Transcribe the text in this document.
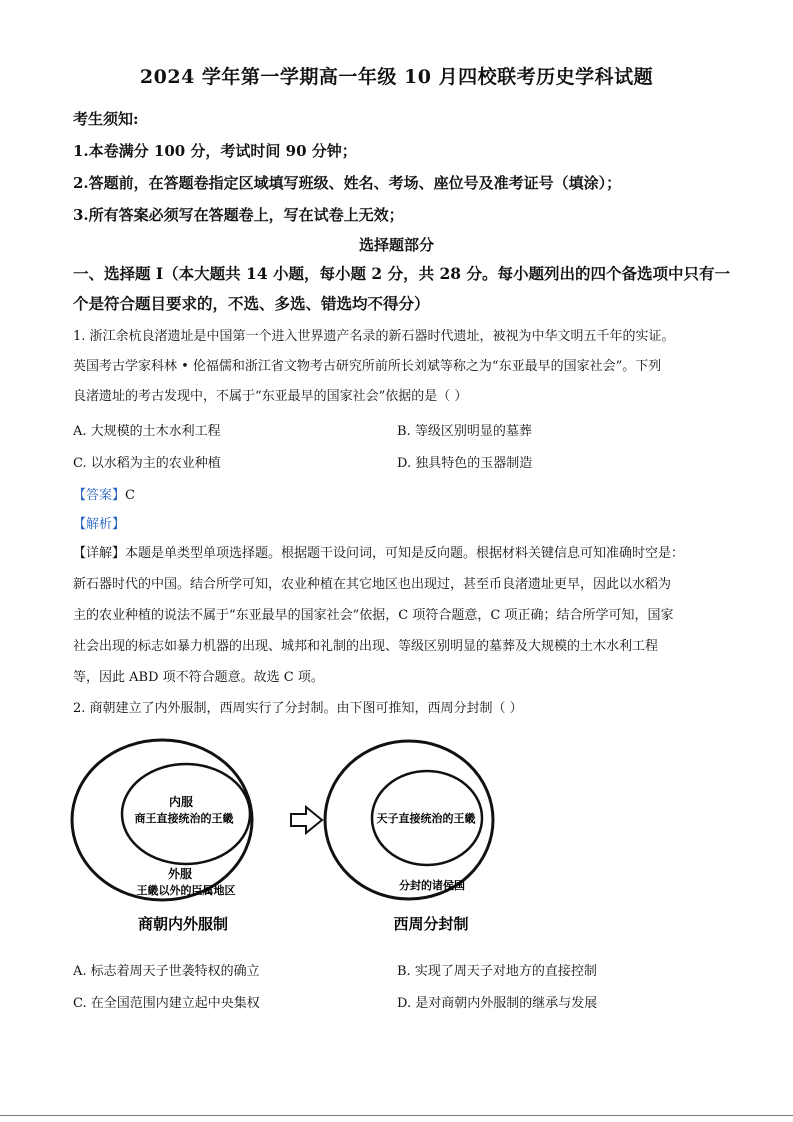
2024 学年第一学期高一年级 10 月四校联考历史学科试题
考生须知:
1.本卷满分 100 分，考试时间 90 分钟；
2.答题前，在答题卷指定区域填写班级、姓名、考场、座位号及准考证号（填涂）；
3.所有答案必须写在答题卷上，写在试卷上无效；
选择题部分
一、选择题 I（本大题共 14 小题，每小题 2 分，共 28 分。每小题列出的四个备选项中只有一
个是符合题目要求的，不选、多选、错选均不得分）
1. 浙江余杭良渚遗址是中国第一个进入世界遗产名录的新石器时代遗址，被视为中华文明五千年的实证。
英国考古学家科林 • 伦福儒和浙江省文物考古研究所前所长刘斌等称之为“东亚最早的国家社会”。下列
良渚遗址的考古发现中，不属于“东亚最早的国家社会”依据的是（ ）
A. 大规模的土木水利工程	B. 等级区别明显的墓葬
C. 以水稻为主的农业种植	D. 独具特色的玉器制造
【答案】C
【解析】
【详解】本题是单类型单项选择题。根据题干设问词，可知是反向题。根据材料关键信息可知准确时空是：
新石器时代的中国。结合所学可知，农业种植在其它地区也出现过，甚至币良渚遗址更早，因此以水稻为
主的农业种植的说法不属于“东亚最早的国家社会”依据，C 项符合题意，C 项正确；结合所学可知，国家
社会出现的标志如暴力机器的出现、城邦和礼制的出现、等级区别明显的墓葬及大规模的土木水利工程
等，因此 ABD 项不符合题意。故选 C 项。
2. 商朝建立了内外服制，西周实行了分封制。由下图可推知，西周分封制（ ）
内服
商王直接统治的王畿
外服
王畿以外的臣属地区
商朝内外服制
天子直接统治的王畿
分封的诸侯国
西周分封制
A. 标志着周天子世袭特权的确立	B. 实现了周天子对地方的直接控制
C. 在全国范围内建立起中央集权	D. 是对商朝内外服制的继承与发展
